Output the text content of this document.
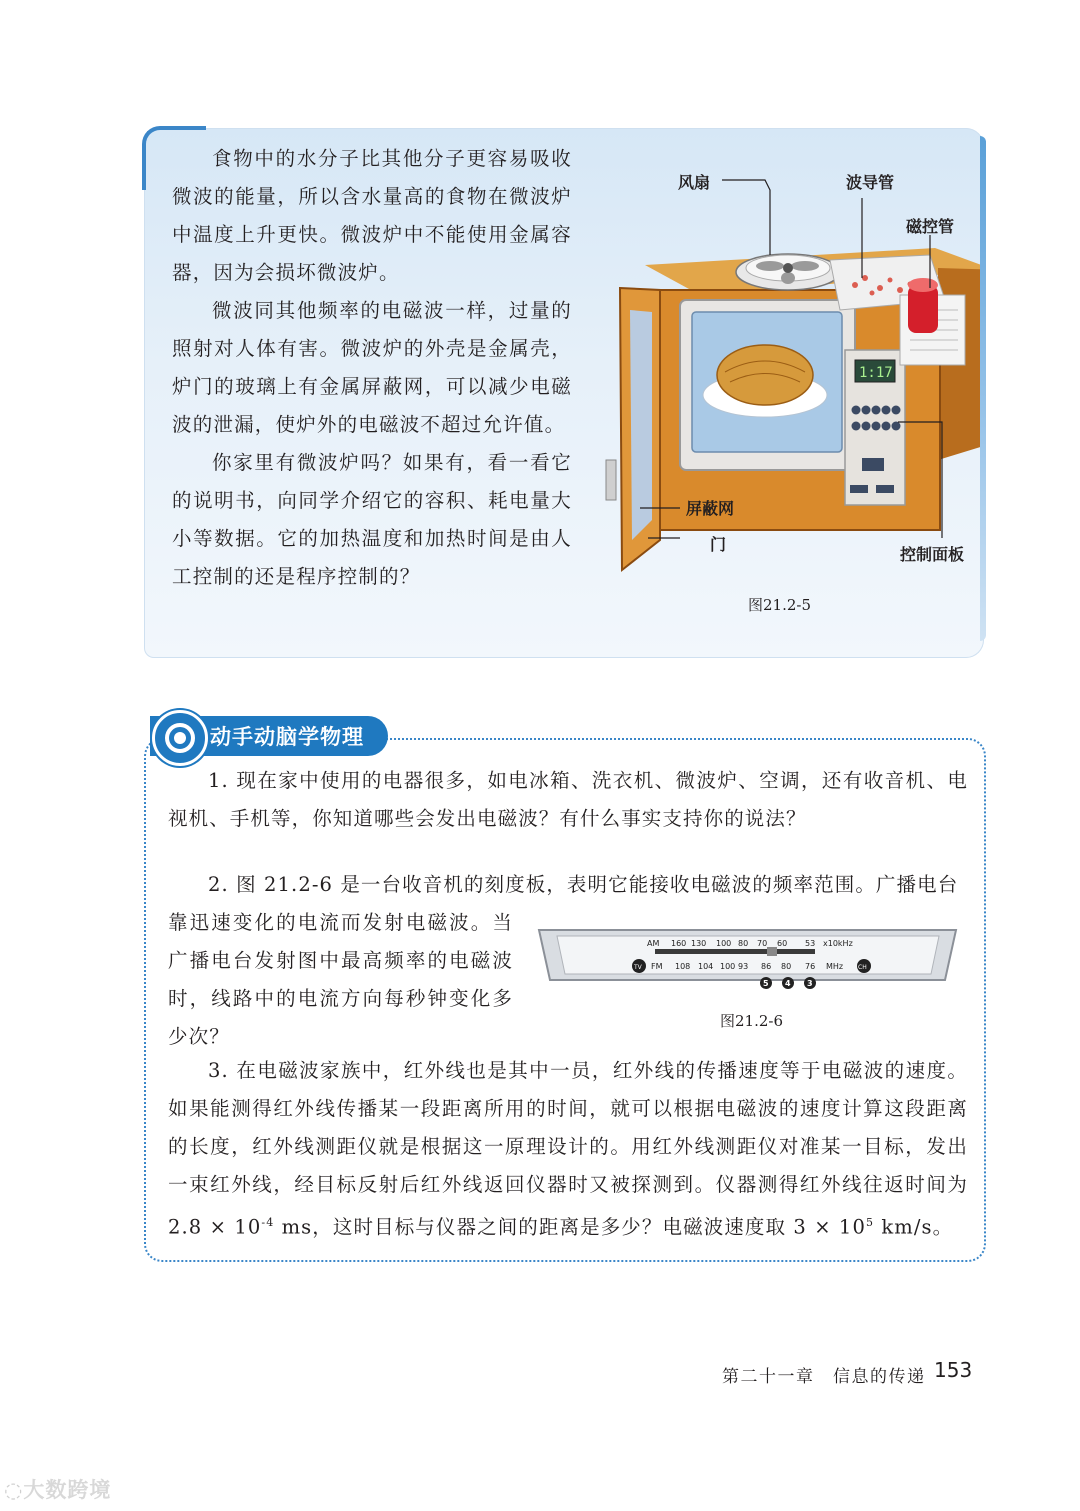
食物中的水分子比其他分子更容易吸收微波的能量，所以含水量高的食物在微波炉中温度上升更快。微波炉中不能使用金属容器，因为会损坏微波炉。

微波同其他频率的电磁波一样，过量的照射对人体有害。微波炉的外壳是金属壳，炉门的玻璃上有金属屏蔽网，可以减少电磁波的泄漏，使炉外的电磁波不超过允许值。

你家里有微波炉吗？如果有，看一看它的说明书，向同学介绍它的容积、耗电量大小等数据。它的加热温度和加热时间是由人工控制的还是程序控制的？

1:17
风扇	波导管
磁控管
屏蔽网
门
控制面板
图21.2-5
动手动脑学物理

1. 现在家中使用的电器很多，如电冰箱、洗衣机、微波炉、空调，还有收音机、电视机、手机等，你知道哪些会发出电磁波？有什么事实支持你的说法？

2. 图 21.2-6 是一台收音机的刻度板，表明它能接收电磁波的频率范围。广播电台

靠迅速变化的电流而发射电磁波。当广播电台发射图中最高频率的电磁波时，线路中的电流方向每秒钟变化多少次？

AM 160 130 100 80 70 60 53 x10kHz
FM 108 104 100 93 86 80 76 MHz
TV	CH
5 4 3
图21.2-6

3. 在电磁波家族中，红外线也是其中一员，红外线的传播速度等于电磁波的速度。如果能测得红外线传播某一段距离所用的时间，就可以根据电磁波的速度计算这段距离的长度，红外线测距仪就是根据这一原理设计的。用红外线测距仪对准某一目标，发出一束红外线，经目标反射后红外线返回仪器时又被探测到。仪器测得红外线往返时间为 $2.8 \times 10^{-4}$ ms，这时目标与仪器之间的距离是多少？电磁波速度取 $3 \times 10^5$ km/s。

第二十一章　信息的传递 153
◌大数跨境
